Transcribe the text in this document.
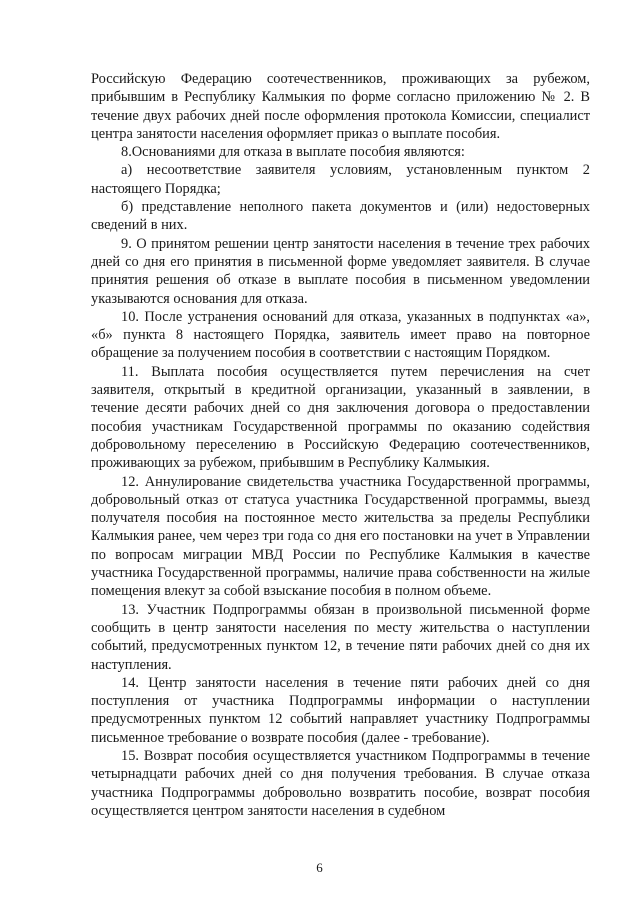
Российскую Федерацию соотечественников, проживающих за рубежом, прибывшим в Республику Калмыкия по форме согласно приложению № 2. В течение двух рабочих дней после оформления протокола Комиссии, специалист центра занятости населения оформляет приказ о выплате пособия.

8.Основаниями для отказа в выплате пособия являются:

а) несоответствие заявителя условиям, установленным пунктом 2 настоящего Порядка;

б) представление неполного пакета документов и (или) недостоверных сведений в них.

9. О принятом решении центр занятости населения в течение трех рабочих дней со дня его принятия в письменной форме уведомляет заявителя. В случае принятия решения об отказе в выплате пособия в письменном уведомлении указываются основания для отказа.

10. После устранения оснований для отказа, указанных в подпунктах «а», «б» пункта 8 настоящего Порядка, заявитель имеет право на повторное обращение за получением пособия в соответствии с настоящим Порядком.

11. Выплата пособия осуществляется путем перечисления на счет заявителя, открытый в кредитной организации, указанный в заявлении, в течение десяти рабочих дней со дня заключения договора о предоставлении пособия участникам Государственной программы по оказанию содействия добровольному переселению в Российскую Федерацию соотечественников, проживающих за рубежом, прибывшим в Республику Калмыкия.

12. Аннулирование свидетельства участника Государственной программы, добровольный отказ от статуса участника Государственной программы, выезд получателя пособия на постоянное место жительства за пределы Республики Калмыкия ранее, чем через три года со дня его постановки на учет в Управлении по вопросам миграции МВД России по Республике Калмыкия в качестве участника Государственной программы, наличие права собственности на жилые помещения влекут за собой взыскание пособия в полном объеме.

13. Участник Подпрограммы обязан в произвольной письменной форме сообщить в центр занятости населения по месту жительства о наступлении событий, предусмотренных пунктом 12, в течение пяти рабочих дней со дня их наступления.

14. Центр занятости населения в течение пяти рабочих дней со дня поступления от участника Подпрограммы информации о наступлении предусмотренных пунктом 12 событий направляет участнику Подпрограммы письменное требование о возврате пособия (далее - требование).

15. Возврат пособия осуществляется участником Подпрограммы в течение четырнадцати рабочих дней со дня получения требования. В случае отказа участника Подпрограммы добровольно возвратить пособие, возврат пособия осуществляется центром занятости населения в судебном

6
